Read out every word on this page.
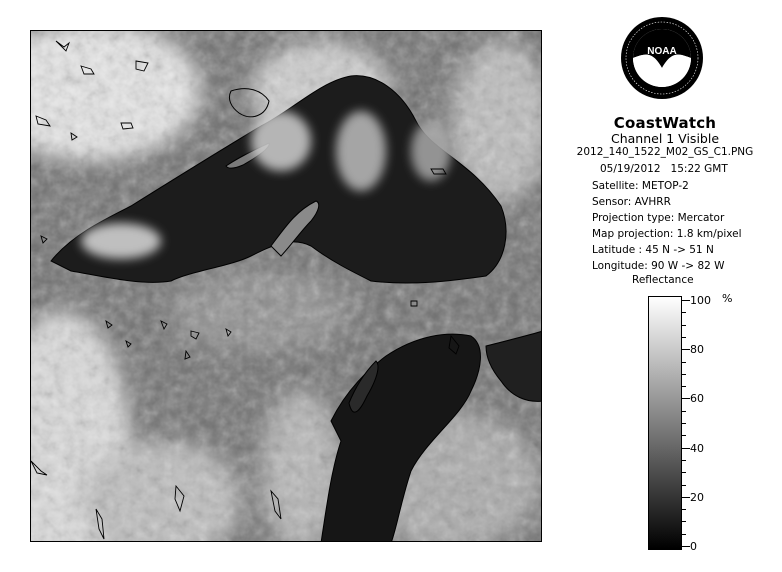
NOAA
CoastWatch
Channel 1 Visible
2012_140_1522_M02_GS_C1.PNG
05/19/2012 15:22 GMT
Satellite: METOP-2
Sensor: AVHRR
Projection type: Mercator
Map projection: 1.8 km/pixel
Latitude : 45 N -> 51 N
Longitude: 90 W -> 82 W
Reflectance
%
100
80
60
40
20
0
